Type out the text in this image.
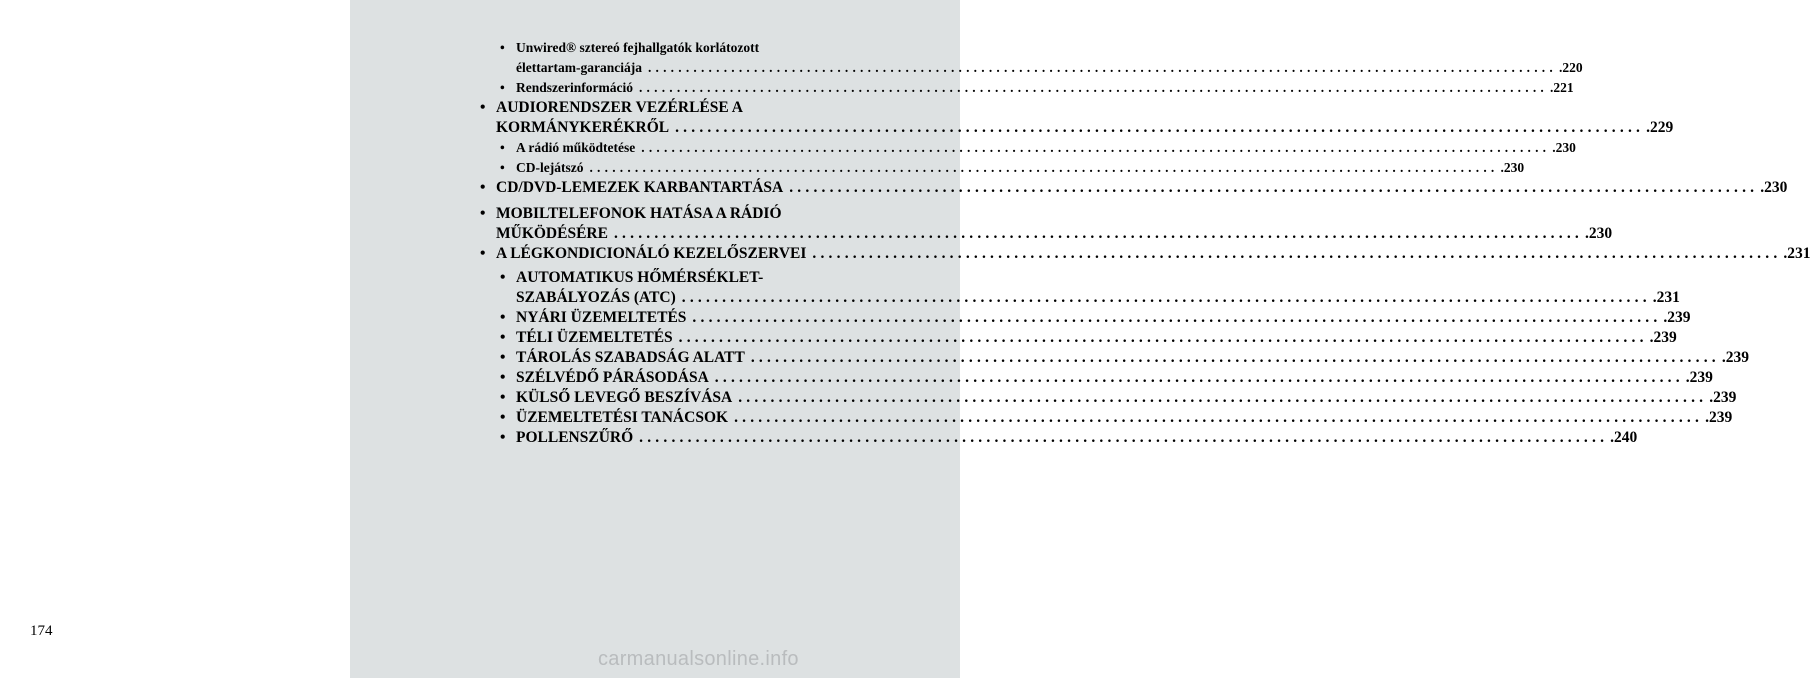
174
• Unwired® sztereó fejhallgatók korlátozott
élettartam-garanciája ........................................................................................................................ .220
• Rendszerinformáció ........................................................................................................................ .221
• AUDIORENDSZER VEZÉRLÉSE A
KORMÁNYKERÉKRŐL ........................................................................................................................ .229
• A rádió működtetése ........................................................................................................................ .230
• CD-lejátszó ........................................................................................................................ .230
• CD/DVD-LEMEZEK KARBANTARTÁSA ........................................................................................................................ .230
• MOBILTELEFONOK HATÁSA A RÁDIÓ
MŰKÖDÉSÉRE ........................................................................................................................ .230
• A LÉGKONDICIONÁLÓ KEZELŐSZERVEI ........................................................................................................................ .231
• AUTOMATIKUS HŐMÉRSÉKLET-
SZABÁLYOZÁS (ATC) ........................................................................................................................ .231
• NYÁRI ÜZEMELTETÉS ........................................................................................................................ .239
• TÉLI ÜZEMELTETÉS ........................................................................................................................ .239
• TÁROLÁS SZABADSÁG ALATT ........................................................................................................................ .239
• SZÉLVÉDŐ PÁRÁSODÁSA ........................................................................................................................ .239
• KÜLSŐ LEVEGŐ BESZÍVÁSA ........................................................................................................................ .239
• ÜZEMELTETÉSI TANÁCSOK ........................................................................................................................ .239
• POLLENSZŰRŐ ........................................................................................................................ .240
carmanualsonline.info
